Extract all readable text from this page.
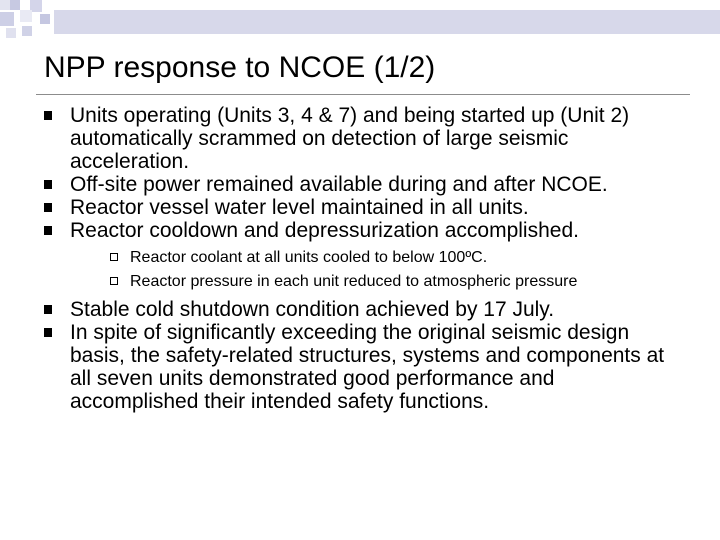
NPP response to NCOE (1/2)
Units operating (Units 3, 4 & 7) and being started up (Unit 2) automatically scrammed on detection of large seismic acceleration.
Off-site power remained available during and after NCOE.
Reactor vessel water level maintained in all units.
Reactor cooldown and depressurization accomplished.
Reactor coolant at all units cooled to below 100ºC.
Reactor pressure in each unit reduced to atmospheric pressure
Stable cold shutdown condition achieved by 17 July.
In spite of significantly exceeding the original seismic design basis, the safety-related structures, systems and components at all seven units demonstrated good performance and accomplished their intended safety functions.
